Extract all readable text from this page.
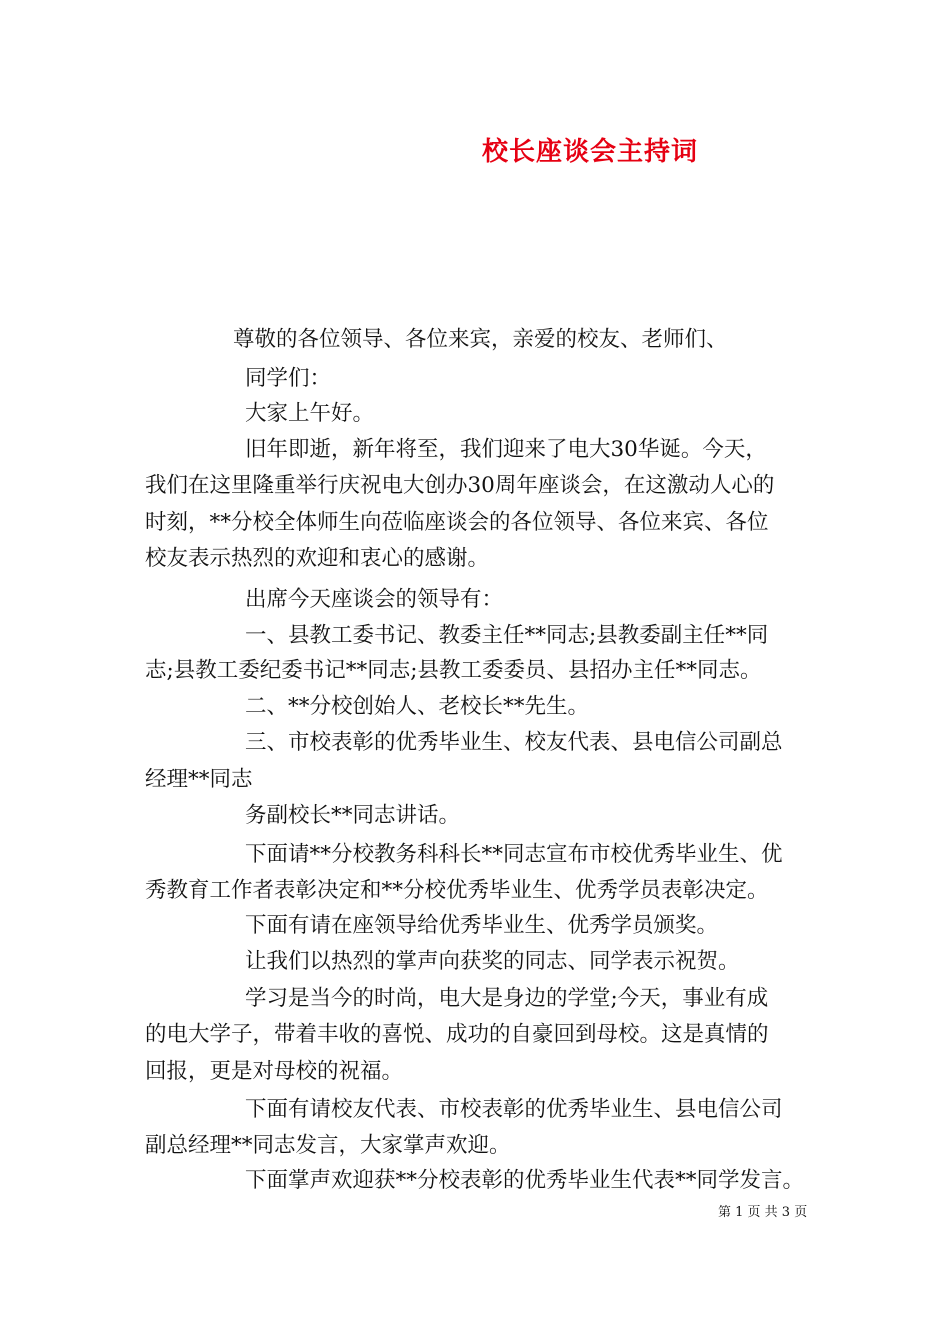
校长座谈会主持词
尊敬的各位领导、各位来宾，亲爱的校友、老师们、
同学们：
大家上午好。
旧年即逝，新年将至，我们迎来了电大30华诞。今天，
我们在这里隆重举行庆祝电大创办30周年座谈会，在这激动人心的
时刻，**分校全体师生向莅临座谈会的各位领导、各位来宾、各位
校友表示热烈的欢迎和衷心的感谢。
出席今天座谈会的领导有：
一、县教工委书记、教委主任**同志;县教委副主任**同
志;县教工委纪委书记**同志;县教工委委员、县招办主任**同志。
二、**分校创始人、老校长**先生。
三、市校表彰的优秀毕业生、校友代表、县电信公司副总
经理**同志
务副校长**同志讲话。
下面请**分校教务科科长**同志宣布市校优秀毕业生、优
秀教育工作者表彰决定和**分校优秀毕业生、优秀学员表彰决定。
下面有请在座领导给优秀毕业生、优秀学员颁奖。
让我们以热烈的掌声向获奖的同志、同学表示祝贺。
学习是当今的时尚，电大是身边的学堂;今天，事业有成
的电大学子，带着丰收的喜悦、成功的自豪回到母校。这是真情的
回报，更是对母校的祝福。
下面有请校友代表、市校表彰的优秀毕业生、县电信公司
副总经理**同志发言，大家掌声欢迎。
下面掌声欢迎获**分校表彰的优秀毕业生代表**同学发言。
第 1 页 共 3 页
